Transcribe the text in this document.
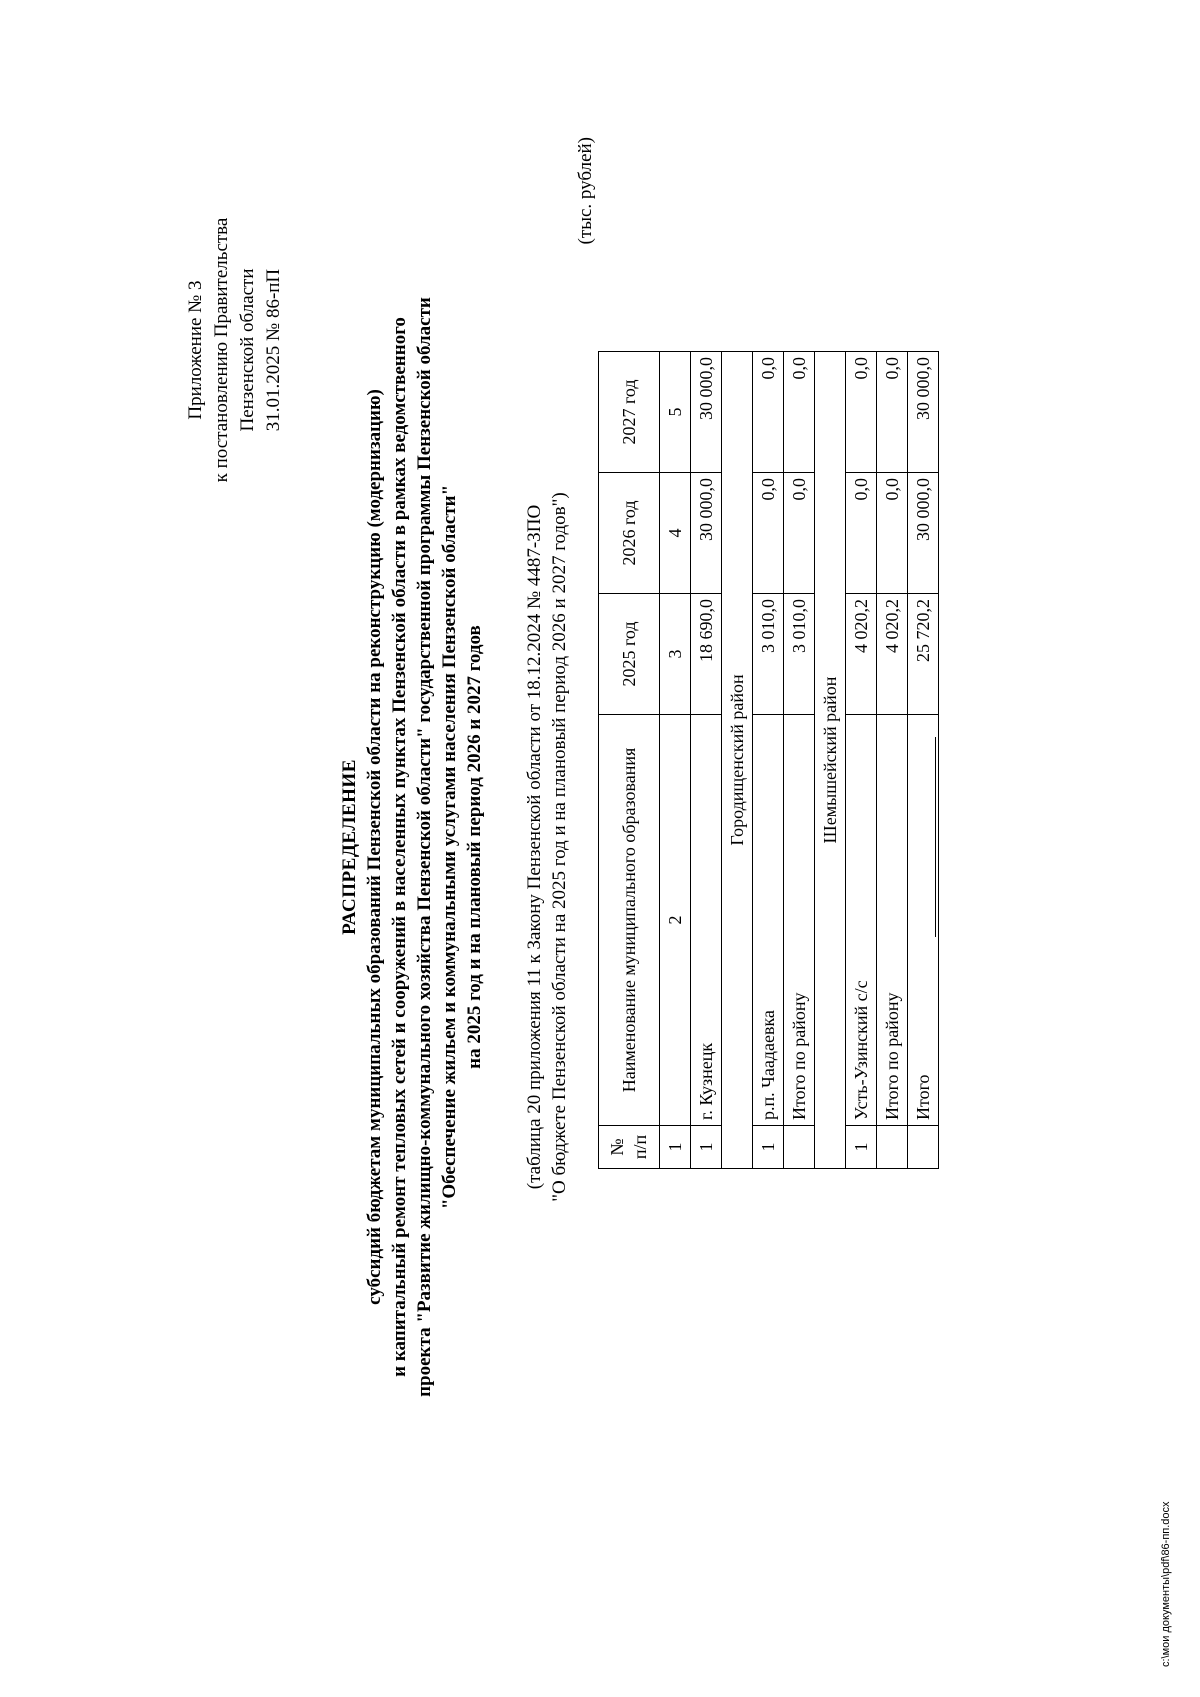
Приложение № 3 к постановлению Правительства Пензенской области 31.01.2025 № 86-пП
РАСПРЕДЕЛЕНИЕ субсидий бюджетам муниципальных образований Пензенской области на реконструкцию (модернизацию) и капитальный ремонт тепловых сетей и сооружений в населенных пунктах Пензенской области в рамках ведомственного проекта "Развитие жилищно-коммунального хозяйства Пензенской области" государственной программы Пензенской области "Обеспечение жильем и коммунальными услугами населения Пензенской области" на 2025 год и на плановый период 2026 и 2027 годов (таблица 20 приложения 11 к Закону Пензенской области от 18.12.2024 № 4487-ЗПО "О бюджете Пензенской области на 2025 год и на плановый период 2026 и 2027 годов")
(тыс. рублей)
№ п/п	Наименование муниципального образования	2025 год	2026 год	2027 год
1	2	3	4	5
1	г. Кузнецк	18 690,0	30 000,0	30 000,0
Городищенский район				
1	р.п. Чаадаевка	3 010,0	0,0	0,0
	Итого по району	3 010,0	0,0	0,0
Шемышейский район				
1	Усть-Узинский с/с	4 020,2	0,0	0,0
	Итого по району	4 020,2	0,0	0,0
	Итого	25 720,2	30 000,0	30 000,0
c:\мои документы\pdf\86-пп.docx
